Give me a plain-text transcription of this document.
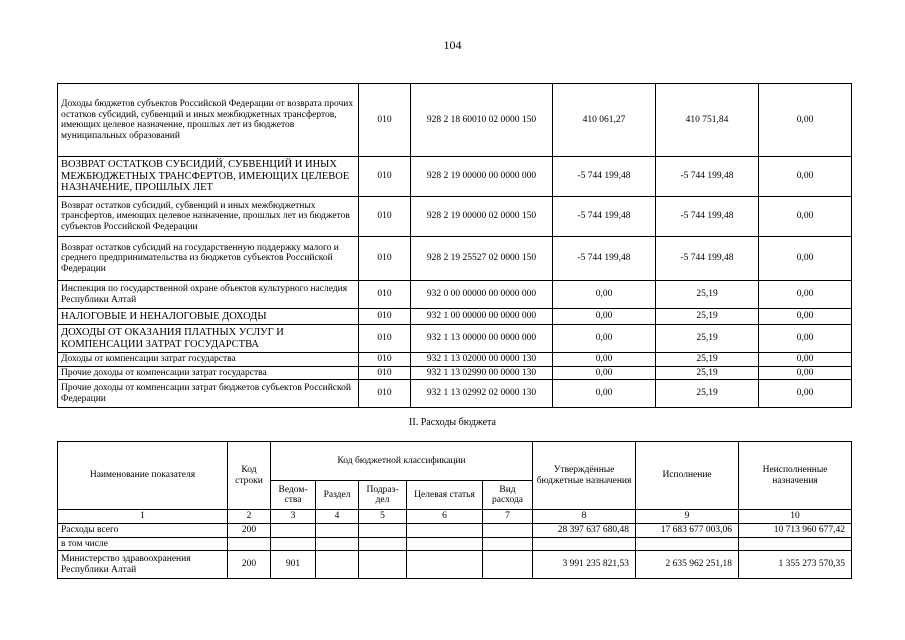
104
Доходы бюджетов субъектов Российской Федерации от возврата прочих остатков субсидий, субвенций и иных межбюджетных трансфертов, имеющих целевое назначение, прошлых лет из бюджетов муниципальных образований	010	928 2 18 60010 02 0000 150	410 061,27	410 751,84	0,00
ВОЗВРАТ ОСТАТКОВ СУБСИДИЙ, СУБВЕНЦИЙ И ИНЫХ МЕЖБЮДЖЕТНЫХ ТРАНСФЕРТОВ, ИМЕЮЩИХ ЦЕЛЕВОЕ НАЗНАЧЕНИЕ, ПРОШЛЫХ ЛЕТ	010	928 2 19 00000 00 0000 000	-5 744 199,48	-5 744 199,48	0,00
Возврат остатков субсидий, субвенций и иных межбюджетных трансфертов, имеющих целевое назначение, прошлых лет из бюджетов субъектов Российской Федерации	010	928 2 19 00000 02 0000 150	-5 744 199,48	-5 744 199,48	0,00
Возврат остатков субсидий на государственную поддержку малого и среднего предпринимательства из бюджетов субъектов Российской Федерации	010	928 2 19 25527 02 0000 150	-5 744 199,48	-5 744 199,48	0,00
Инспекция по государственной охране объектов культурного наследия Республики Алтай	010	932 0 00 00000 00 0000 000	0,00	25,19	0,00
НАЛОГОВЫЕ И НЕНАЛОГОВЫЕ ДОХОДЫ	010	932 1 00 00000 00 0000 000	0,00	25,19	0,00
ДОХОДЫ ОТ ОКАЗАНИЯ ПЛАТНЫХ УСЛУГ И КОМПЕНСАЦИИ ЗАТРАТ ГОСУДАРСТВА	010	932 1 13 00000 00 0000 000	0,00	25,19	0,00
Доходы от компенсации затрат государства	010	932 1 13 02000 00 0000 130	0,00	25,19	0,00
Прочие доходы от компенсации затрат государства	010	932 1 13 02990 00 0000 130	0,00	25,19	0,00
Прочие доходы от компенсации затрат бюджетов субъектов Российской Федерации	010	932 1 13 02992 02 0000 130	0,00	25,19	0,00
II. Расходы бюджета
Наименование показателя	Код строки	Код бюджетной классификации					Утверждённые бюджетные назначения	Исполнение	Неисполненные назначения
		Ведом-ства	Раздел	Подраз-дел	Целевая статья	Вид расхода			
1	2	3	4	5	6	7	8	9	10
Расходы всего	200						28 397 637 680,48	17 683 677 003,06	10 713 960 677,42
в том числе									

Министерство здравоохранения
Республики Алтай	200	901					3 991 235 821,53	2 635 962 251,18	1 355 273 570,35
